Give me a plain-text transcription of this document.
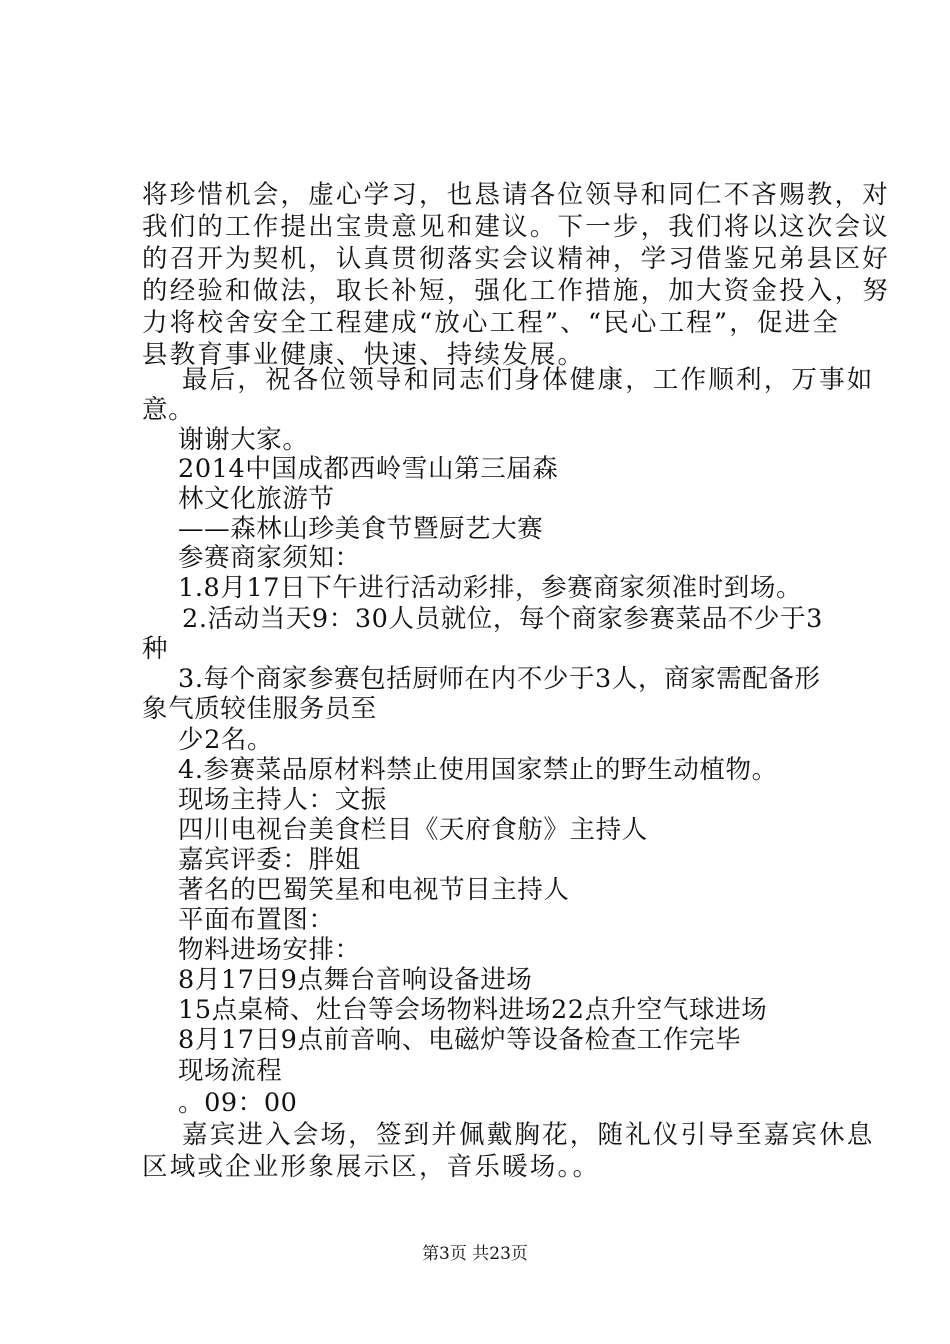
将珍惜机会，虚心学习，也恳请各位领导和同仁不吝赐教，对
我们的工作提出宝贵意见和建议。下一步，我们将以这次会议
的召开为契机，认真贯彻落实会议精神，学习借鉴兄弟县区好
的经验和做法，取长补短，强化工作措施，加大资金投入，努
力将校舍安全工程建成“放心工程”、“民心工程”，促进全
县教育事业健康、快速、持续发展。
最后，祝各位领导和同志们身体健康，工作顺利，万事如
意。
谢谢大家。
2014中国成都西岭雪山第三届森
林文化旅游节
——森林山珍美食节暨厨艺大赛
参赛商家须知：
1.8月17日下午进行活动彩排，参赛商家须准时到场。
2.活动当天9：30人员就位，每个商家参赛菜品不少于3
种
3.每个商家参赛包括厨师在内不少于3人，商家需配备形
象气质较佳服务员至
少2名。
4.参赛菜品原材料禁止使用国家禁止的野生动植物。
现场主持人：文振
四川电视台美食栏目《天府食舫》主持人
嘉宾评委：胖姐
著名的巴蜀笑星和电视节目主持人
平面布置图：
物料进场安排：
8月17日9点舞台音响设备进场
15点桌椅、灶台等会场物料进场22点升空气球进场
8月17日9点前音响、电磁炉等设备检查工作完毕
现场流程
。09：00
嘉宾进入会场，签到并佩戴胸花，随礼仪引导至嘉宾休息
区域或企业形象展示区，音乐暖场。。
第3页 共23页
